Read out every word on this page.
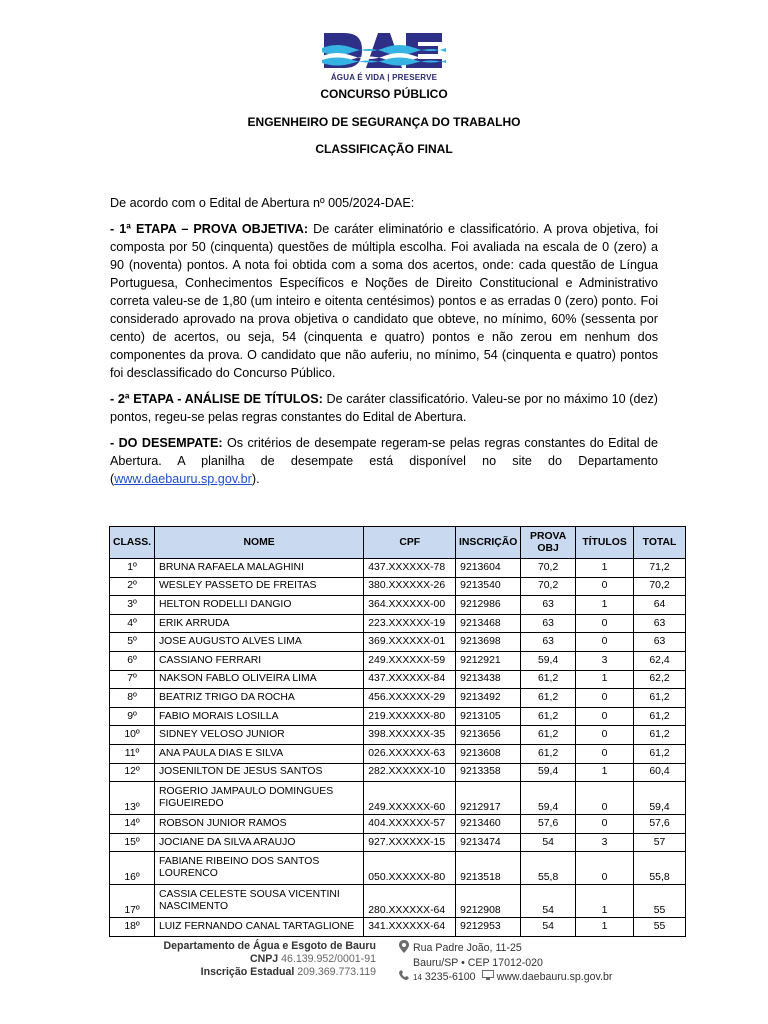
ÁGUA É VIDA | PRESERVE
CONCURSO PÚBLICO
ENGENHEIRO DE SEGURANÇA DO TRABALHO
CLASSIFICAÇÃO FINAL

De acordo com o Edital de Abertura nº 005/2024-DAE:

- 1ª ETAPA – PROVA OBJETIVA: De caráter eliminatório e classificatório. A prova objetiva, foi composta por 50 (cinquenta) questões de múltipla escolha. Foi avaliada na escala de 0 (zero) a 90 (noventa) pontos. A nota foi obtida com a soma dos acertos, onde: cada questão de Língua Portuguesa, Conhecimentos Específicos e Noções de Direito Constitucional e Administrativo correta valeu-se de 1,80 (um inteiro e oitenta centésimos) pontos e as erradas 0 (zero) ponto. Foi considerado aprovado na prova objetiva o candidato que obteve, no mínimo, 60% (sessenta por cento) de acertos, ou seja, 54 (cinquenta e quatro) pontos e não zerou em nenhum dos componentes da prova. O candidato que não auferiu, no mínimo, 54 (cinquenta e quatro) pontos foi desclassificado do Concurso Público.

- 2ª ETAPA - ANÁLISE DE TÍTULOS: De caráter classificatório. Valeu-se por no máximo 10 (dez) pontos, regeu-se pelas regras constantes do Edital de Abertura.

- DO DESEMPATE: Os critérios de desempate regeram-se pelas regras constantes do Edital de Abertura. A planilha de desempate está disponível no site do Departamento (www.daebauru.sp.gov.br).

CLASS.	NOME	CPF	INSCRIÇÃO	PROVA OBJ	TÍTULOS	TOTAL
1º	BRUNA RAFAELA MALAGHINI	437.XXXXXX-78	9213604	70,2	1	71,2
2º	WESLEY PASSETO DE FREITAS	380.XXXXXX-26	9213540	70,2	0	70,2
3º	HELTON RODELLI DANGIO	364.XXXXXX-00	9212986	63	1	64
4º	ERIK ARRUDA	223.XXXXXX-19	9213468	63	0	63
5º	JOSE AUGUSTO ALVES LIMA	369.XXXXXX-01	9213698	63	0	63
6º	CASSIANO FERRARI	249.XXXXXX-59	9212921	59,4	3	62,4
7º	NAKSON FABLO OLIVEIRA LIMA	437.XXXXXX-84	9213438	61,2	1	62,2
8º	BEATRIZ TRIGO DA ROCHA	456.XXXXXX-29	9213492	61,2	0	61,2
9º	FABIO MORAIS LOSILLA	219.XXXXXX-80	9213105	61,2	0	61,2
10º	SIDNEY VELOSO JUNIOR	398.XXXXXX-35	9213656	61,2	0	61,2
11º	ANA PAULA DIAS E SILVA	026.XXXXXX-63	9213608	61,2	0	61,2
12º	JOSENILTON DE JESUS SANTOS	282.XXXXXX-10	9213358	59,4	1	60,4
13º	ROGERIO JAMPAULO DOMINGUES FIGUEIREDO	249.XXXXXX-60	9212917	59,4	0	59,4
14º	ROBSON JUNIOR RAMOS	404.XXXXXX-57	9213460	57,6	0	57,6
15º	JOCIANE DA SILVA ARAUJO	927.XXXXXX-15	9213474	54	3	57
16º	FABIANE RIBEINO DOS SANTOS LOURENCO	050.XXXXXX-80	9213518	55,8	0	55,8
17º	CASSIA CELESTE SOUSA VICENTINI NASCIMENTO	280.XXXXXX-64	9212908	54	1	55
18º	LUIZ FERNANDO CANAL TARTAGLIONE	341.XXXXXX-64	9212953	54	1	55
Departamento de Água e Esgoto de Bauru
CNPJ 46.139.952/0001-91
Inscrição Estadual 209.369.773.119
Rua Padre João, 11-25
Bauru/SP • CEP 17012-020
14 3235-6100 www.daebauru.sp.gov.br
